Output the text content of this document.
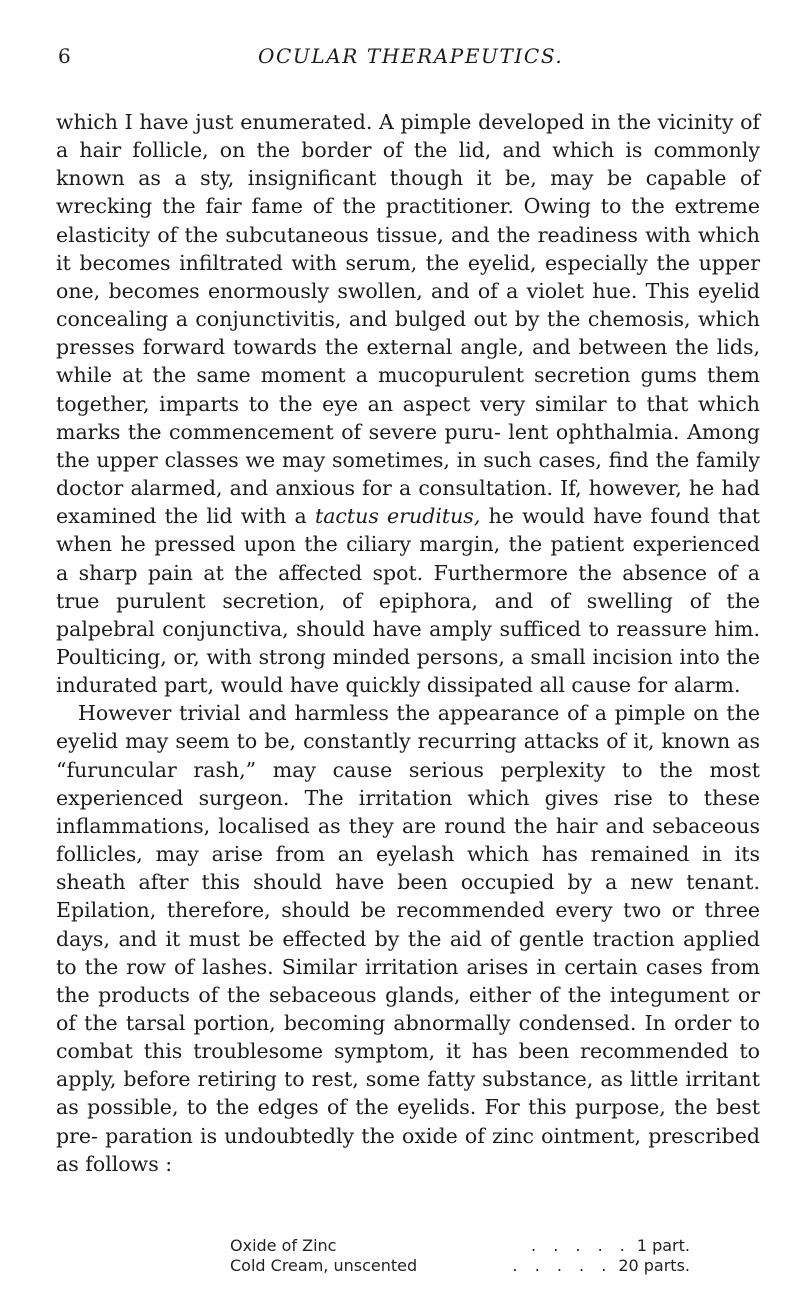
6	OCULAR THERAPEUTICS.

which I have just enumerated. A pimple developed in the vicinity of a hair follicle, on the border of the lid, and which is commonly known as a sty, insignificant though it be, may be capable of wrecking the fair fame of the practitioner. Owing to the extreme elasticity of the subcutaneous tissue, and the readiness with which it becomes infiltrated with serum, the eyelid, especially the upper one, becomes enormously swollen, and of a violet hue. This eyelid concealing a conjunctivitis, and bulged out by the chemosis, which presses forward towards the external angle, and between the lids, while at the same moment a mucopurulent secretion gums them together, imparts to the eye an aspect very similar to that which marks the commencement of severe puru- lent ophthalmia. Among the upper classes we may sometimes, in such cases, find the family doctor alarmed, and anxious for a consultation. If, however, he had examined the lid with a tactus eruditus, he would have found that when he pressed upon the ciliary margin, the patient experienced a sharp pain at the affected spot. Furthermore the absence of a true purulent secretion, of epiphora, and of swelling of the palpebral conjunctiva, should have amply sufficed to reassure him. Poulticing, or, with strong minded persons, a small incision into the indurated part, would have quickly dissipated all cause for alarm.

However trivial and harmless the appearance of a pimple on the eyelid may seem to be, constantly recurring attacks of it, known as “furuncular rash,” may cause serious perplexity to the most experienced surgeon. The irritation which gives rise to these inflammations, localised as they are round the hair and sebaceous follicles, may arise from an eyelash which has remained in its sheath after this should have been occupied by a new tenant. Epilation, therefore, should be recommended every two or three days, and it must be effected by the aid of gentle traction applied to the row of lashes. Similar irritation arises in certain cases from the products of the sebaceous glands, either of the integument or of the tarsal portion, becoming abnormally condensed. In order to combat this troublesome symptom, it has been recommended to apply, before retiring to rest, some fatty substance, as little irritant as possible, to the edges of the eyelids. For this purpose, the best pre- paration is undoubtedly the oxide of zinc ointment, prescribed as follows :

Oxide of Zinc	. . . . . 1 part.
Cold Cream, unscented	. . . . . 20 parts.
